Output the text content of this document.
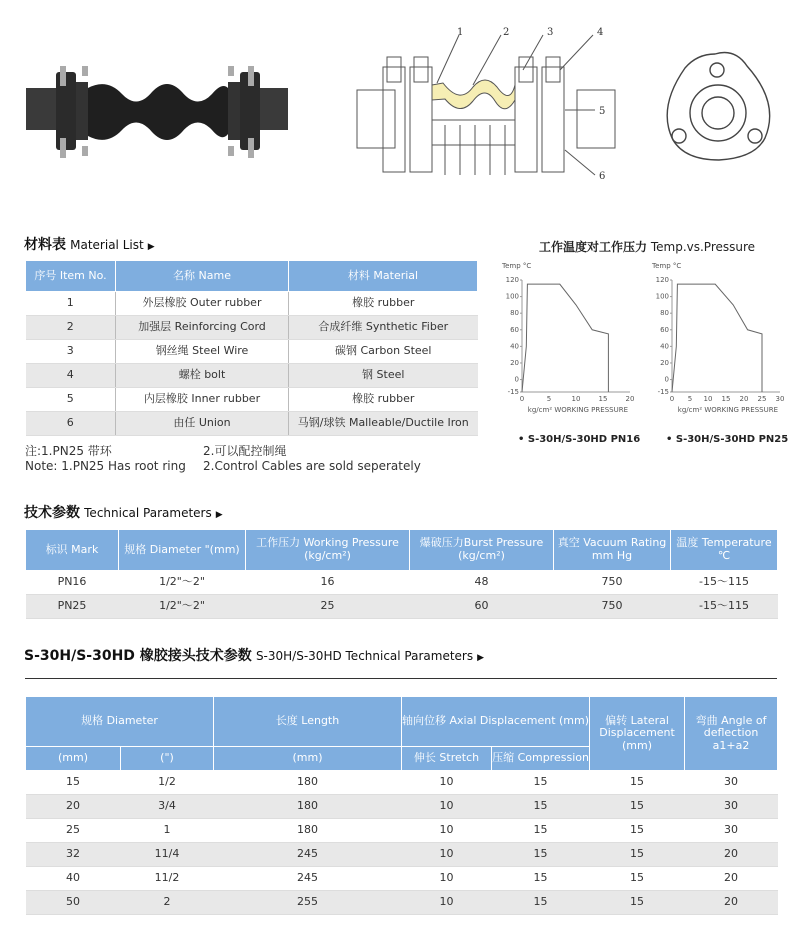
1	2	3	4
5
6
材料表 Material List ▶
序号 Item No.	名称 Name	材料 Material
1	外层橡胶 Outer rubber	橡胶 rubber
2	加强层 Reinforcing Cord	合成纤维 Synthetic Fiber
3	钢丝绳 Steel Wire	碳钢 Carbon Steel
4	螺栓 bolt	钢 Steel
5	内层橡胶 Inner rubber	橡胶 rubber
6	由任 Union	马钢/球铁 Malleable/Ductile Iron
注:1.PN25 带环	2.可以配控制绳
Note: 1.PN25 Has root ring	2.Control Cables are sold seperately
工作温度对工作压力 Temp.vs.Pressure
Temp °C
120
100
80
60
40
20
0
-15
0	5	10	15	20
kg/cm² WORKING PRESSURE
Temp °C
120
100
80
60
40
20
0
-15
0 5 10 15 20 25 30
kg/cm² WORKING PRESSURE
• S-30H/S-30HD PN16	• S-30H/S-30HD PN25
技术参数 Technical Parameters ▶
标识 Mark	规格 Diameter "(mm)	工作压力 Working Pressure (kg/cm²)	爆破压力Burst Pressure (kg/cm²)	真空 Vacuum Rating mm Hg	温度 Temperature ℃
PN16	1/2"～2"	16	48	750	-15～115
PN25	1/2"～2"	25	60	750	-15～115
S-30H/S-30HD 橡胶接头技术参数 S-30H/S-30HD Technical Parameters ▶
规格 Diameter		长度 Length	轴向位移 Axial Displacement (mm)		偏转 Lateral Displacement (mm)	弯曲 Angle of deflection a1+a2
(mm)	(")	(mm)	伸长 Stretch	压缩 Compression		
15	1/2	180	10	15	15	30
20	3/4	180	10	15	15	30
25	1	180	10	15	15	30
32	11/4	245	10	15	15	20
40	11/2	245	10	15	15	20
50	2	255	10	15	15	20
